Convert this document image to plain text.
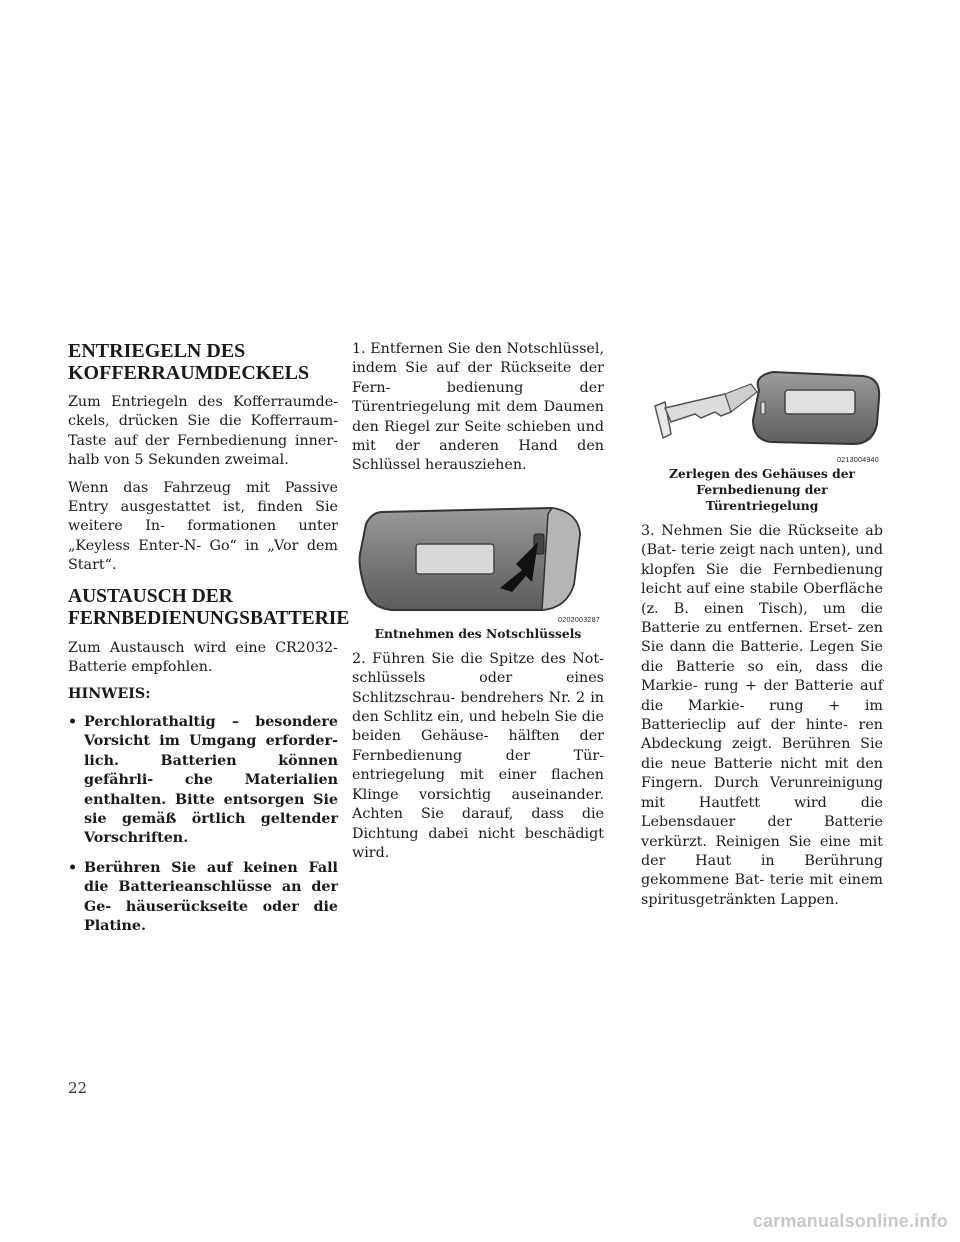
ENTRIEGELN DES KOFFERRAUMDECKELS

Zum Entriegeln des Kofferraumde- ckels, drücken Sie die Kofferraum- Taste auf der Fernbedienung inner- halb von 5 Sekunden zweimal.

Wenn das Fahrzeug mit Passive Entry ausgestattet ist, finden Sie weitere In- formationen unter „Keyless Enter-N- Go“ in „Vor dem Start“.

AUSTAUSCH DER FERNBEDIENUNGSBATTERIE

Zum Austausch wird eine CR2032- Batterie empfohlen.

HINWEIS:

• Perchlorathaltig – besondere Vorsicht im Umgang erforder- lich. Batterien können gefährli- che Materialien enthalten. Bitte entsorgen Sie sie gemäß örtlich geltender Vorschriften.
• Berühren Sie auf keinen Fall die Batterieanschlüsse an der Ge- häuserückseite oder die Platine.

1. Entfernen Sie den Notschlüssel, indem Sie auf der Rückseite der Fern- bedienung der Türentriegelung mit dem Daumen den Riegel zur Seite schieben und mit der anderen Hand den Schlüssel herausziehen.

0202003287

Entnehmen des Notschlüssels

2. Führen Sie die Spitze des Not- schlüssels oder eines Schlitzschrau- bendrehers Nr. 2 in den Schlitz ein, und hebeln Sie die beiden Gehäuse- hälften der Fernbedienung der Tür- entriegelung mit einer flachen Klinge vorsichtig auseinander. Achten Sie darauf, dass die Dichtung dabei nicht beschädigt wird.

0213004940

Zerlegen des Gehäuses der Fernbedienung der Türentriegelung

3. Nehmen Sie die Rückseite ab (Bat- terie zeigt nach unten), und klopfen Sie die Fernbedienung leicht auf eine stabile Oberfläche (z. B. einen Tisch), um die Batterie zu entfernen. Erset- zen Sie dann die Batterie. Legen Sie die Batterie so ein, dass die Markie- rung + der Batterie auf die Markie- rung + im Batterieclip auf der hinte- ren Abdeckung zeigt. Berühren Sie die neue Batterie nicht mit den Fingern. Durch Verunreinigung mit Hautfett wird die Lebensdauer der Batterie verkürzt. Reinigen Sie eine mit der Haut in Berührung gekommene Bat- terie mit einem spiritusgetränkten Lappen.

22
carmanualsonline.info
